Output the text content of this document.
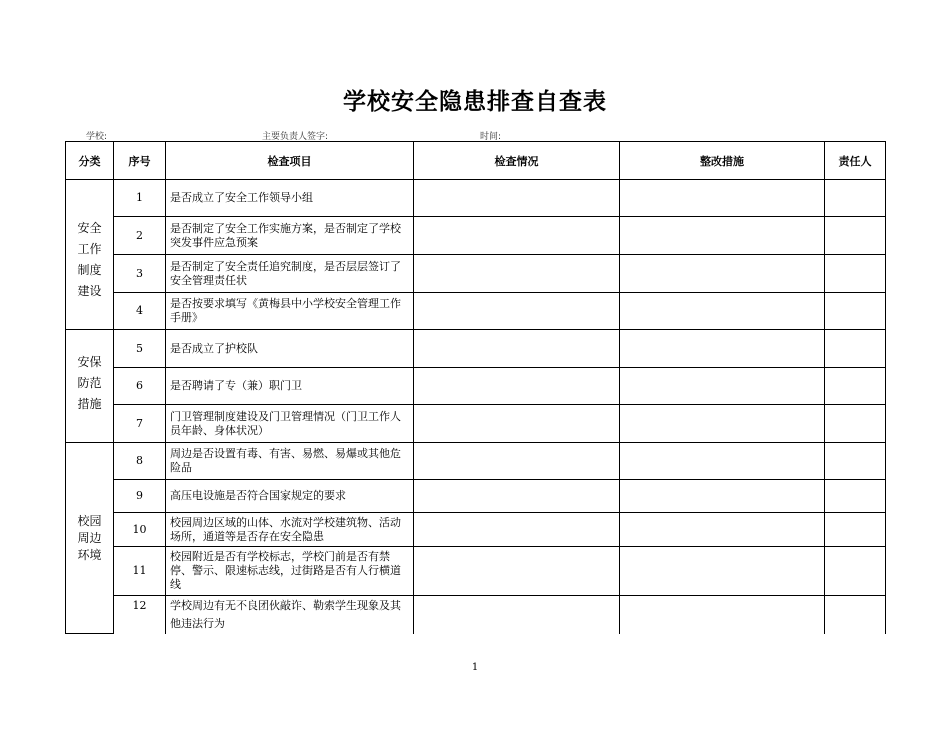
学校安全隐患排查自查表
学校:	主要负责人签字:	时间:
分类	序号	检查项目	检查情况	整改措施	责任人

安全工作制度建设	1	是否成立了安全工作领导小组			
	2	是否制定了安全工作实施方案，是否制定了学校突发事件应急预案			
	3	是否制定了安全责任追究制度，是否层层签订了安全管理责任状			
	4	是否按要求填写《黄梅县中小学校安全管理工作手册》			

安保防范措施	5	是否成立了护校队			
	6	是否聘请了专（兼）职门卫			
	7	门卫管理制度建设及门卫管理情况（门卫工作人员年龄、身体状况）			

校园周边环境	8	周边是否设置有毒、有害、易燃、易爆或其他危险品			
	9	高压电设施是否符合国家规定的要求			
	10	校园周边区域的山体、水流对学校建筑物、活动场所，通道等是否存在安全隐患			
	11	校园附近是否有学校标志，学校门前是否有禁停、警示、限速标志线，过街路是否有人行横道线			
	12	学校周边有无不良团伙敲诈、勒索学生现象及其他违法行为			
1
